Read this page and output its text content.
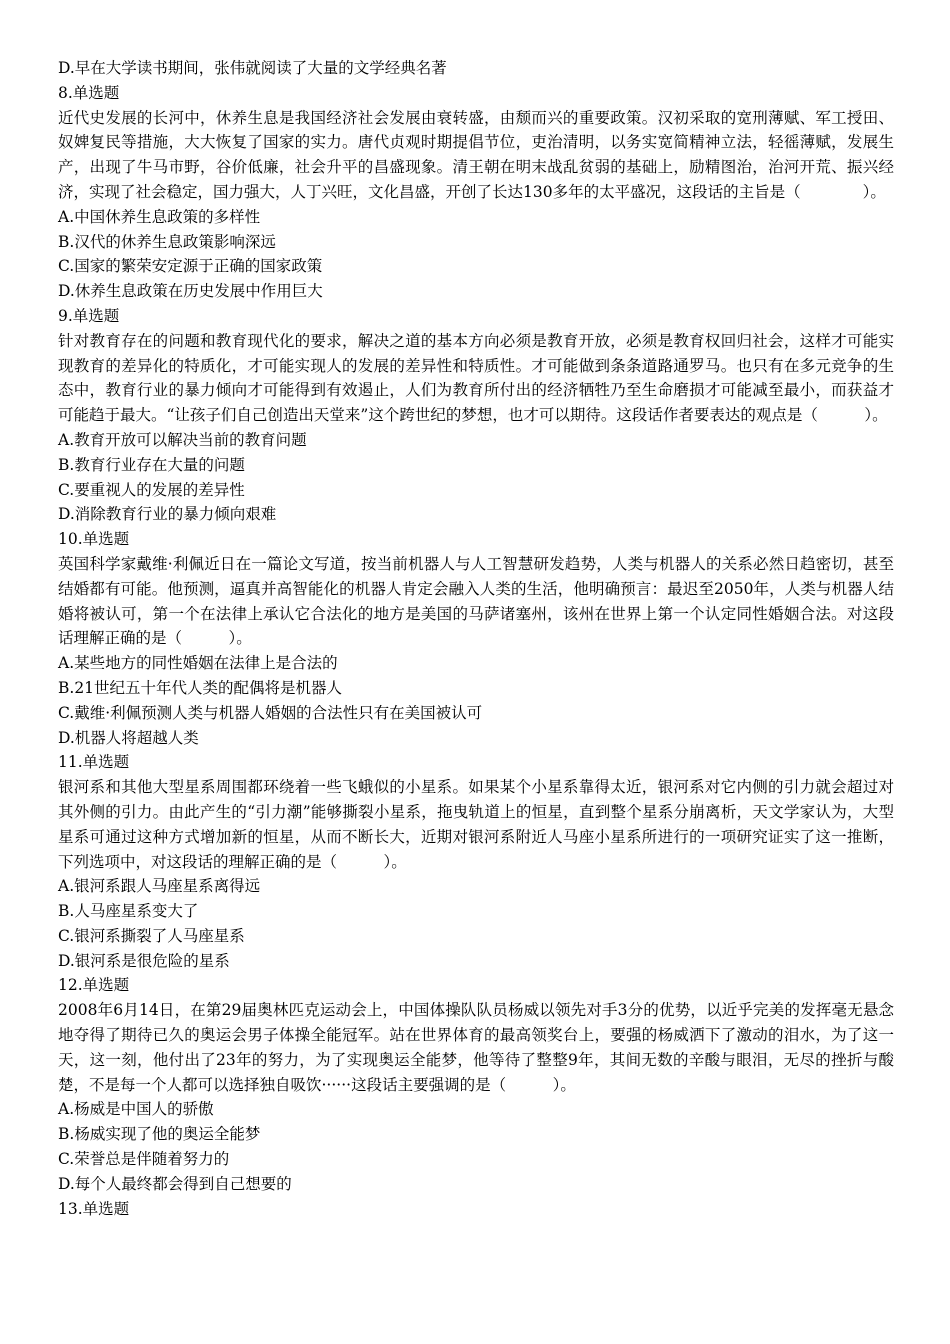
D.早在大学读书期间，张伟就阅读了大量的文学经典名著
8.单选题
近代史发展的长河中，休养生息是我国经济社会发展由衰转盛，由颓而兴的重要政策。汉初采取的宽刑薄赋、军工授田、奴婢复民等措施，大大恢复了国家的实力。唐代贞观时期提倡节位，吏治清明，以务实宽简精神立法，轻徭薄赋，发展生产，出现了牛马市野，谷价低廉，社会升平的昌盛现象。清王朝在明末战乱贫弱的基础上，励精图治，治河开荒、振兴经济，实现了社会稳定，国力强大，人丁兴旺，文化昌盛，开创了长达130多年的太平盛况，这段话的主旨是（　　　　）。
A.中国休养生息政策的多样性
B.汉代的休养生息政策影响深远
C.国家的繁荣安定源于正确的国家政策
D.休养生息政策在历史发展中作用巨大
9.单选题
针对教育存在的问题和教育现代化的要求，解决之道的基本方向必须是教育开放，必须是教育权回归社会，这样才可能实现教育的差异化的特质化，才可能实现人的发展的差异性和特质性。才可能做到条条道路通罗马。也只有在多元竞争的生态中，教育行业的暴力倾向才可能得到有效遏止，人们为教育所付出的经济牺牲乃至生命磨损才可能减至最小，而获益才可能趋于最大。“让孩子们自己创造出天堂来”这个跨世纪的梦想，也才可以期待。这段话作者要表达的观点是（　　　）。
A.教育开放可以解决当前的教育问题
B.教育行业存在大量的问题
C.要重视人的发展的差异性
D.消除教育行业的暴力倾向艰难
10.单选题
英国科学家戴维·利佩近日在一篇论文写道，按当前机器人与人工智慧研发趋势，人类与机器人的关系必然日趋密切，甚至结婚都有可能。他预测，逼真并高智能化的机器人肯定会融入人类的生活，他明确预言：最迟至2050年，人类与机器人结婚将被认可，第一个在法律上承认它合法化的地方是美国的马萨诸塞州，该州在世界上第一个认定同性婚姻合法。对这段话理解正确的是（　　　）。
A.某些地方的同性婚姻在法律上是合法的
B.21世纪五十年代人类的配偶将是机器人
C.戴维·利佩预测人类与机器人婚姻的合法性只有在美国被认可
D.机器人将超越人类
11.单选题
银河系和其他大型星系周围都环绕着一些飞蛾似的小星系。如果某个小星系靠得太近，银河系对它内侧的引力就会超过对其外侧的引力。由此产生的“引力潮”能够撕裂小星系，拖曳轨道上的恒星，直到整个星系分崩离析，天文学家认为，大型星系可通过这种方式增加新的恒星，从而不断长大，近期对银河系附近人马座小星系所进行的一项研究证实了这一推断，下列选项中，对这段话的理解正确的是（　　　）。
A.银河系跟人马座星系离得远
B.人马座星系变大了
C.银河系撕裂了人马座星系
D.银河系是很危险的星系
12.单选题
2008年6月14日，在第29届奥林匹克运动会上，中国体操队队员杨威以领先对手3分的优势，以近乎完美的发挥毫无悬念地夺得了期待已久的奥运会男子体操全能冠军。站在世界体育的最高领奖台上，要强的杨威洒下了激动的泪水，为了这一天，这一刻，他付出了23年的努力，为了实现奥运全能梦，他等待了整整9年，其间无数的辛酸与眼泪，无尽的挫折与酸楚，不是每一个人都可以选择独自吸饮······这段话主要强调的是（　　　）。
A.杨威是中国人的骄傲
B.杨威实现了他的奥运全能梦
C.荣誉总是伴随着努力的
D.每个人最终都会得到自己想要的
13.单选题
